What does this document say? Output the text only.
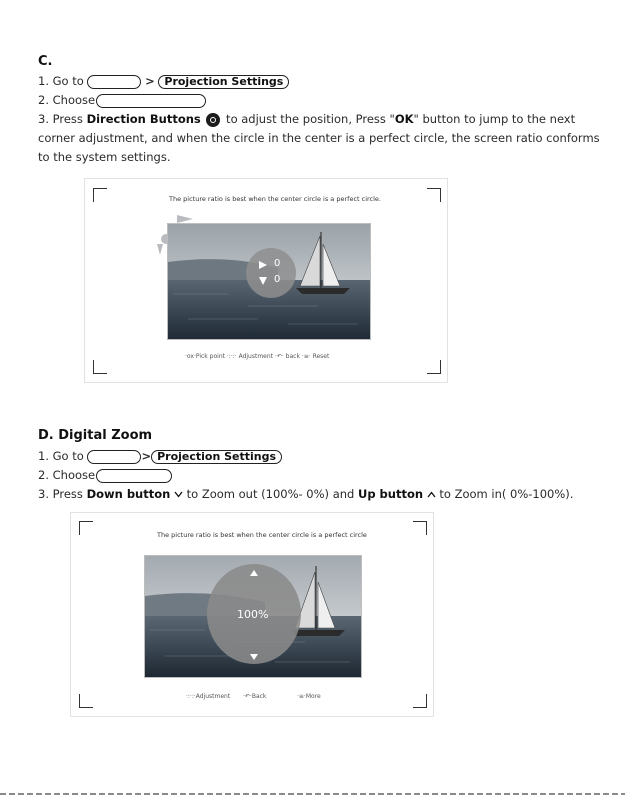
C.
1. Go to	> Projection Settings
2. Choose
3. Press Direction Buttons  to adjust the position, Press "OK" button to jump to the next corner adjustment, and when the circle in the center is a perfect circle, the screen ratio conforms to the system settings.
The picture ratio is best when the center circle is a perfect circle.
0
0
·ox·Pick point ·:·:· Adjustment ·↶· back ·≡· Reset
D. Digital Zoom
1. Go to	> Projection Settings
2. Choose
3. Press Down button  to Zoom out (100%- 0%) and Up button  to Zoom in( 0%-100%).
The picture ratio is best when the center circle is a perfect circle
100%
·:·:·Adjustment ·↶·Back	·≡·More
